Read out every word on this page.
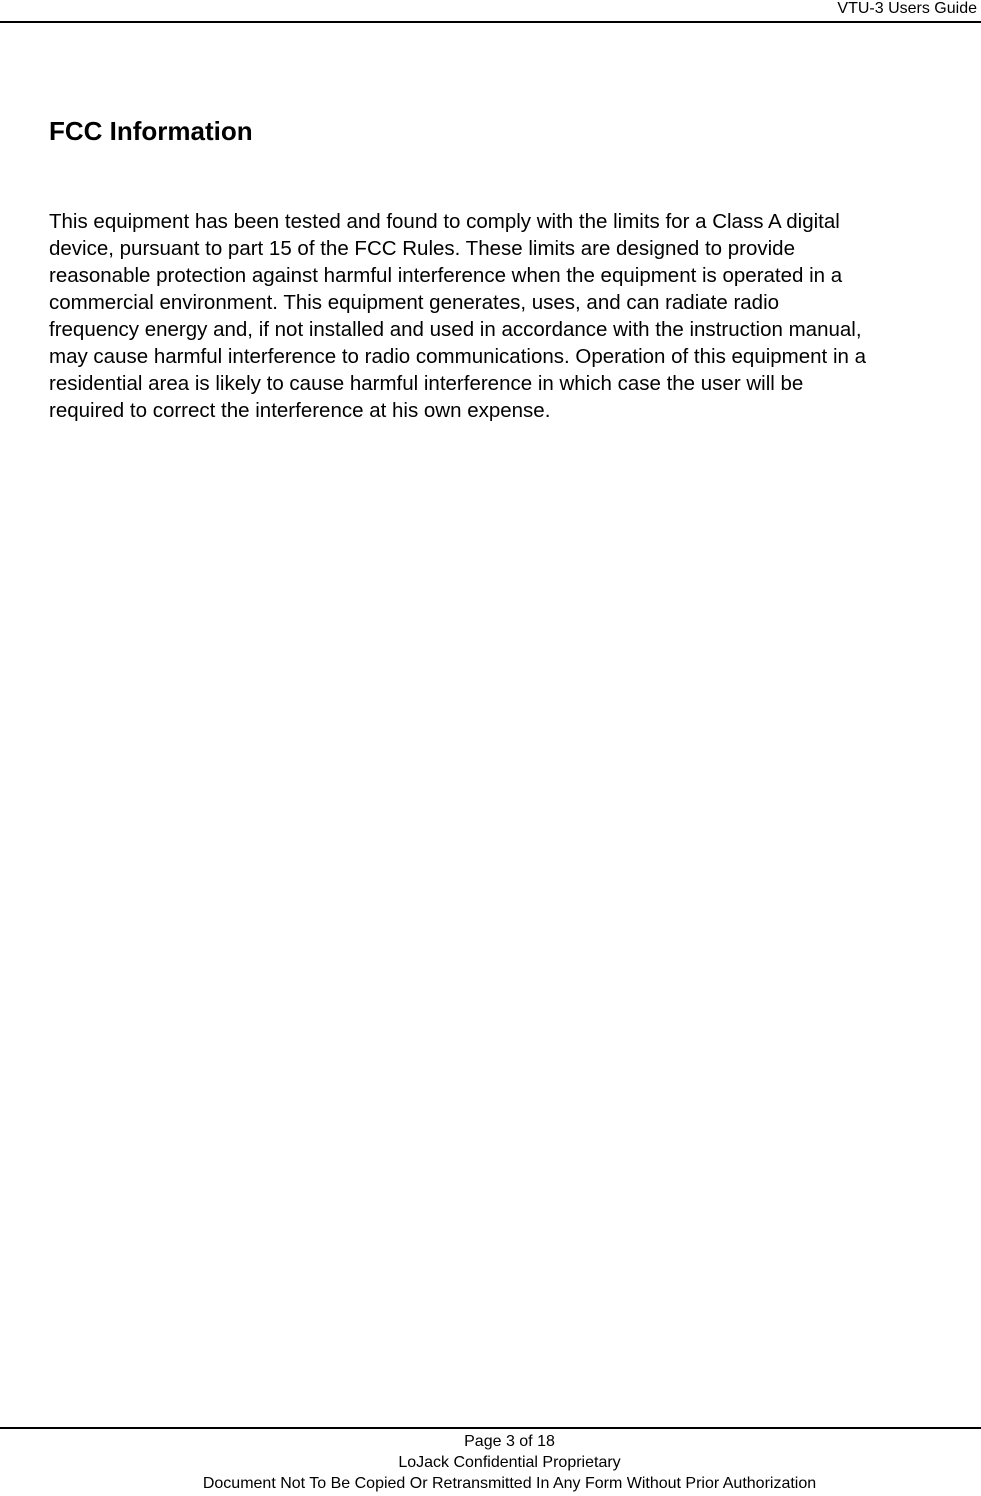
VTU-3 Users Guide
FCC Information

This equipment has been tested and found to comply with the limits for a Class A digital
device, pursuant to part 15 of the FCC Rules. These limits are designed to provide
reasonable protection against harmful interference when the equipment is operated in a
commercial environment. This equipment generates, uses, and can radiate radio
frequency energy and, if not installed and used in accordance with the instruction manual,
may cause harmful interference to radio communications. Operation of this equipment in a
residential area is likely to cause harmful interference in which case the user will be
required to correct the interference at his own expense.

Page 3 of 18
LoJack Confidential Proprietary
Document Not To Be Copied Or Retransmitted In Any Form Without Prior Authorization
